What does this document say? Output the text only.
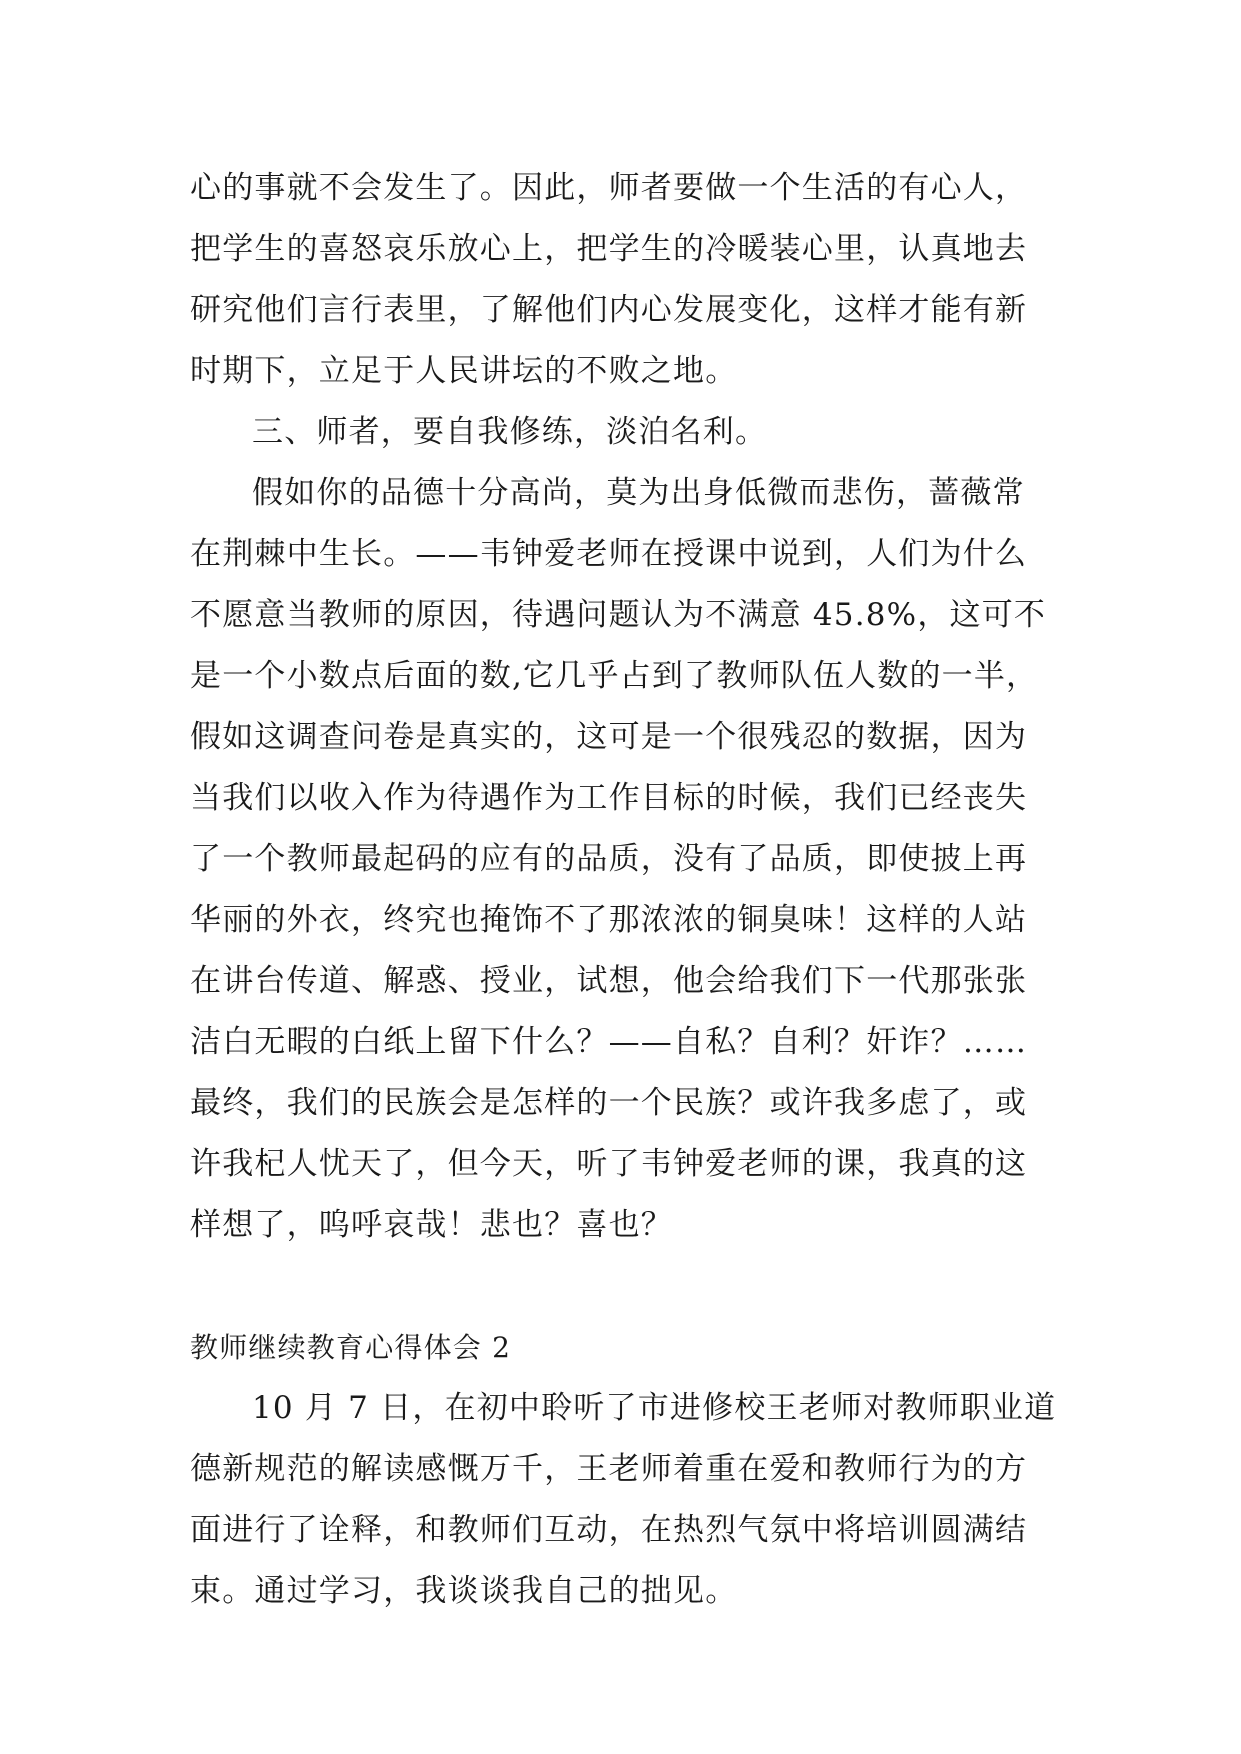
心的事就不会发生了。因此，师者要做一个生活的有心人，
把学生的喜怒哀乐放心上，把学生的冷暖装心里，认真地去
研究他们言行表里，了解他们内心发展变化，这样才能有新
时期下，立足于人民讲坛的不败之地。
三、师者，要自我修练，淡泊名利。
假如你的品德十分高尚，莫为出身低微而悲伤，蔷薇常
在荆棘中生长。——韦钟爱老师在授课中说到，人们为什么
不愿意当教师的原因，待遇问题认为不满意 45.8%，这可不
是一个小数点后面的数,它几乎占到了教师队伍人数的一半，
假如这调查问卷是真实的，这可是一个很残忍的数据，因为
当我们以收入作为待遇作为工作目标的时候，我们已经丧失
了一个教师最起码的应有的品质，没有了品质，即使披上再
华丽的外衣，终究也掩饰不了那浓浓的铜臭味！这样的人站
在讲台传道、解惑、授业，试想，他会给我们下一代那张张
洁白无暇的白纸上留下什么？——自私？自利？奸诈？……
最终，我们的民族会是怎样的一个民族？或许我多虑了，或
许我杞人忧天了，但今天，听了韦钟爱老师的课，我真的这
样想了，呜呼哀哉！悲也？喜也？
教师继续教育心得体会 2
10 月 7 日，在初中聆听了市进修校王老师对教师职业道
德新规范的解读感慨万千，王老师着重在爱和教师行为的方
面进行了诠释，和教师们互动，在热烈气氛中将培训圆满结
束。通过学习，我谈谈我自己的拙见。
